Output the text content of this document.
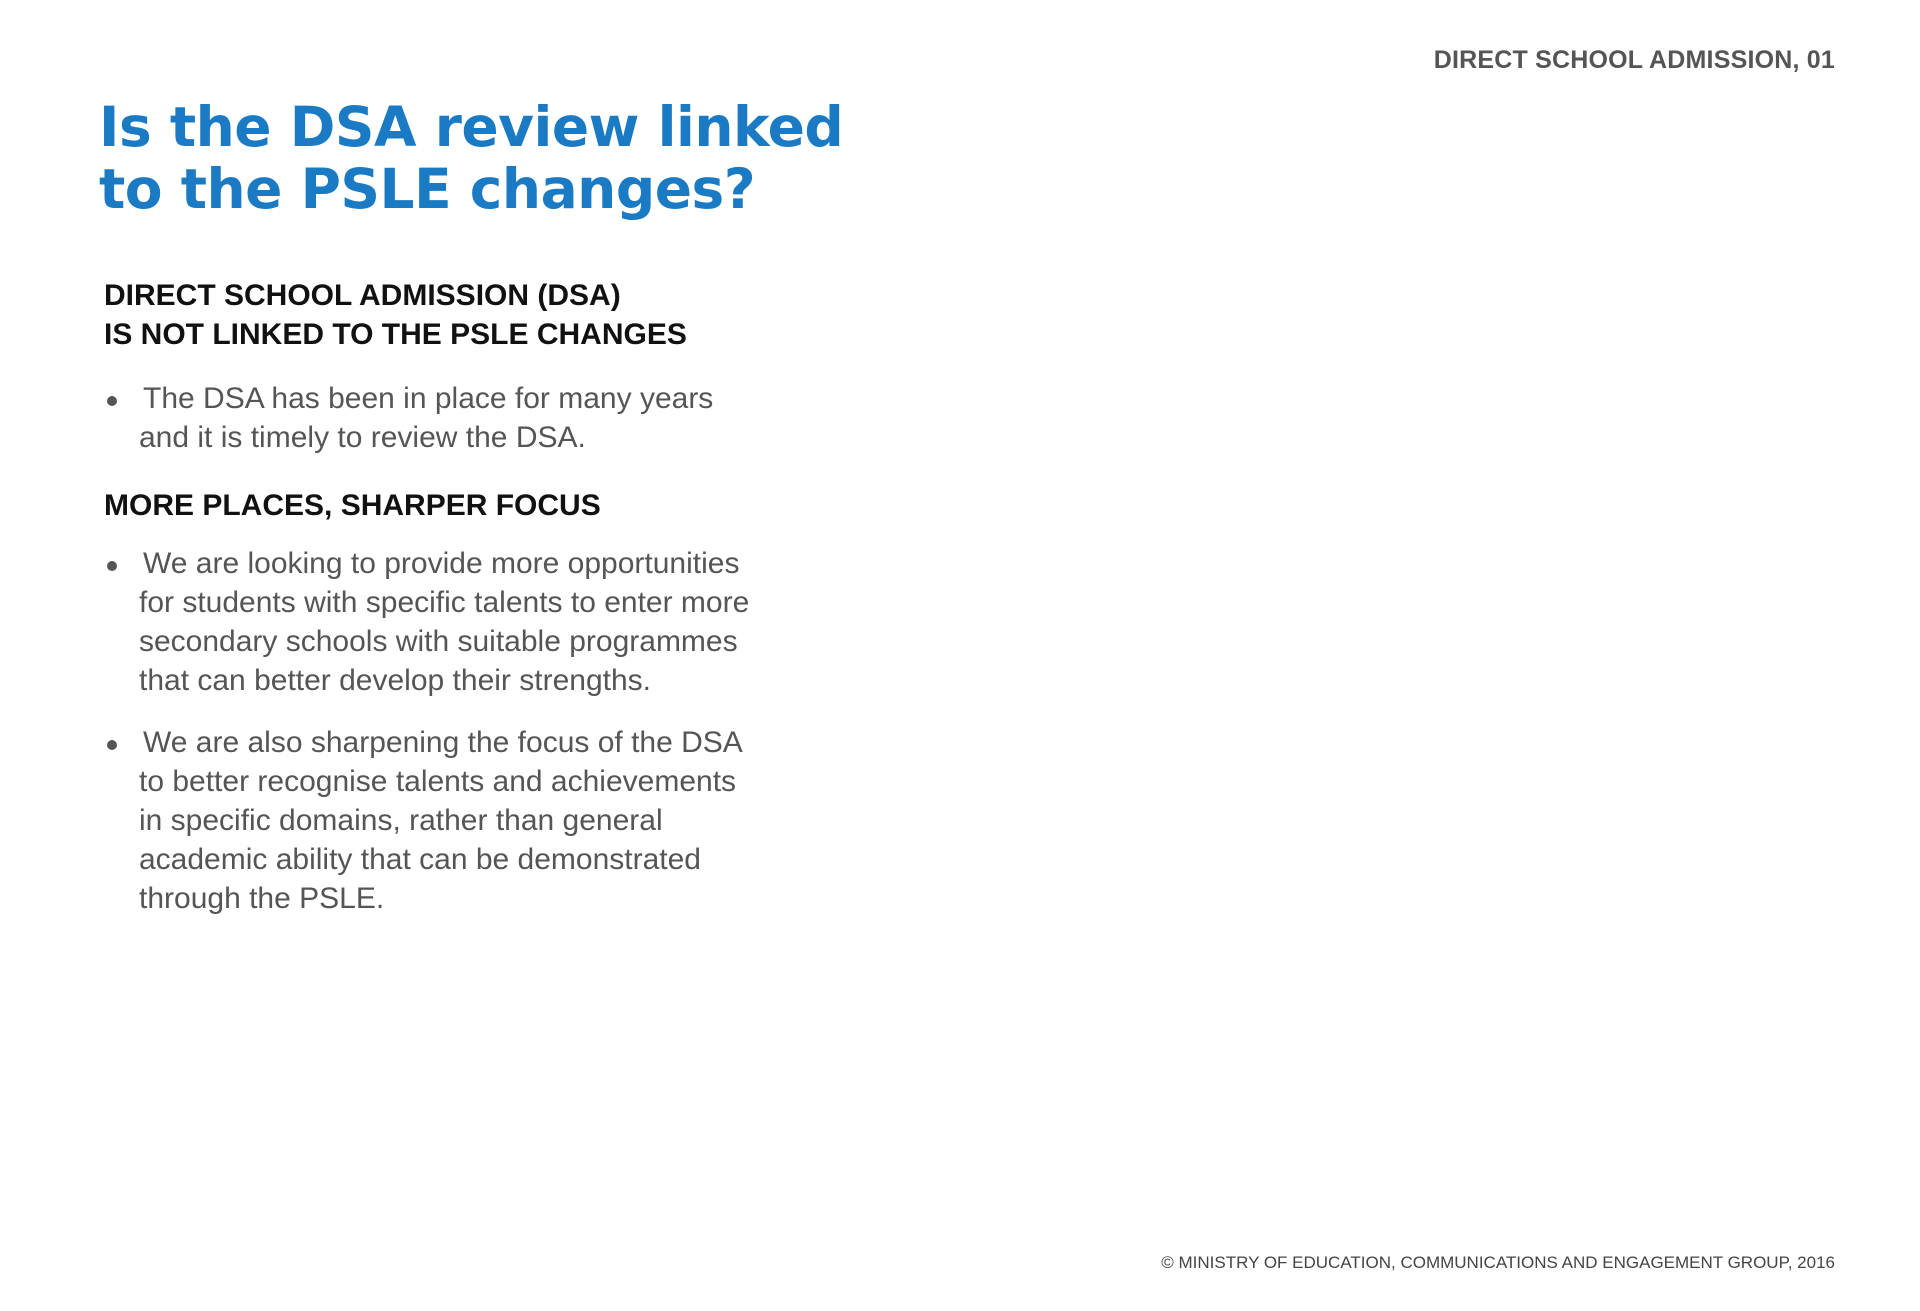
DIRECT SCHOOL ADMISSION, 01
Is the DSA review linked
to the PSLE changes?
DIRECT SCHOOL ADMISSION (DSA)
IS NOT LINKED TO THE PSLE CHANGES
The DSA has been in place for many years
and it is timely to review the DSA.
MORE PLACES, SHARPER FOCUS
We are looking to provide more opportunities
for students with specific talents to enter more
secondary schools with suitable programmes
that can better develop their strengths.
We are also sharpening the focus of the DSA
to better recognise talents and achievements
in specific domains, rather than general
academic ability that can be demonstrated
through the PSLE.
© MINISTRY OF EDUCATION, COMMUNICATIONS AND ENGAGEMENT GROUP, 2016
